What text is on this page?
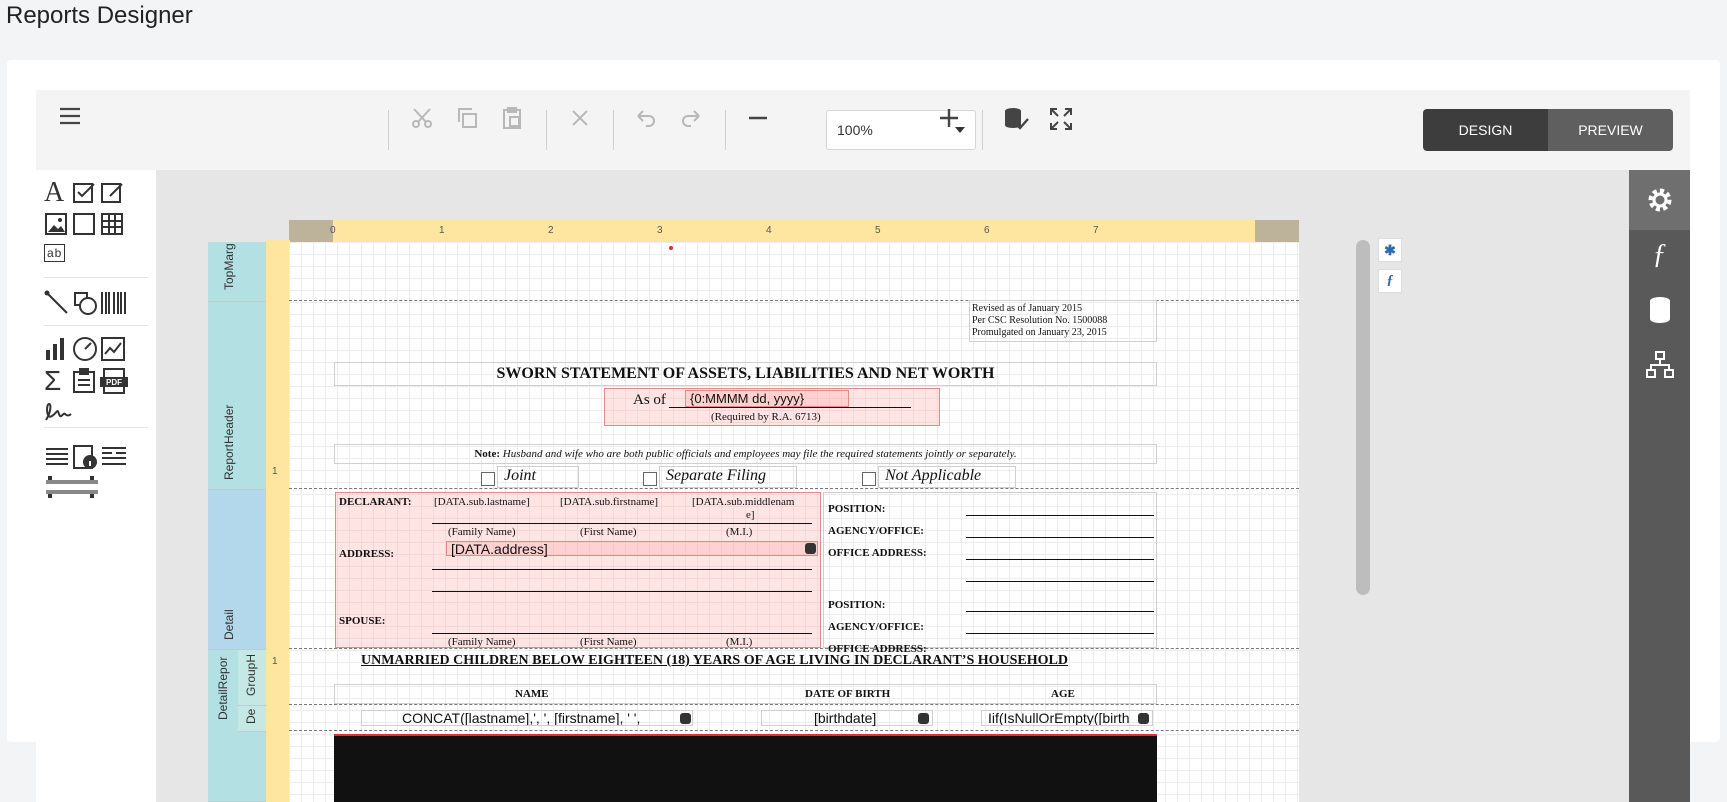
Reports Designer
100%	DESIGN	PREVIEW
A
ab
Σ	PDF
TopMarg
ReportHeader
Detail
DetailRepor GroupH
De
0	1	2	3	4	5	6	7
1
1
Revised as of January 2015
Per CSC Resolution No. 1500088
Promulgated on January 23, 2015
SWORN STATEMENT OF ASSETS, LIABILITIES AND NET WORTH
As of	{0:MMMM dd, yyyy}
(Required by R.A. 6713)
Note: Husband and wife who are both public officials and employees may file the required statements jointly or separately.
Joint	Separate Filing	Not Applicable
DECLARANT: [DATA.sub.lastname]	[DATA.sub.firstname]	[DATA.sub.middlenam
e]
(Family Name)	(First Name)	(M.I.)
ADDRESS:	[DATA.address]
SPOUSE:
(Family Name)	(First Name)	(M.I.)
POSITION:
AGENCY/OFFICE:
OFFICE ADDRESS:
POSITION:
AGENCY/OFFICE:
OFFICE ADDRESS:
UNMARRIED CHILDREN BELOW EIGHTEEN (18) YEARS OF AGE LIVING IN DECLARANT’S HOUSEHOLD
NAME	DATE OF BIRTH	AGE
CONCAT([lastname],', ', [firstname], ' ',	[birthdate]	Iif(IsNullOrEmpty([birth
✱
ƒ
ƒ
